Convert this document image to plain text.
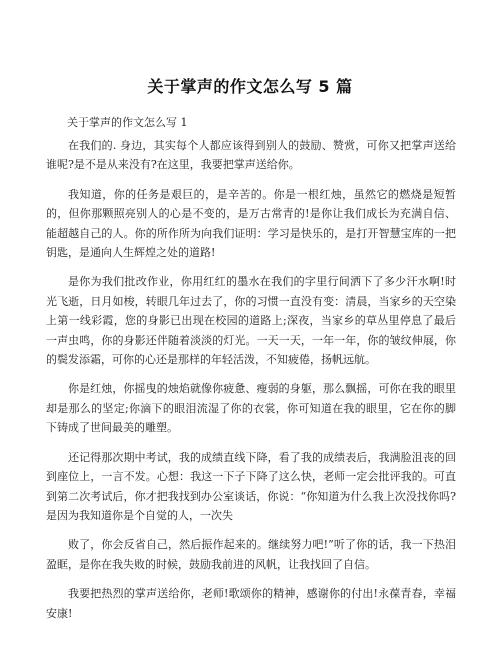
关于掌声的作文怎么写 5 篇
关于掌声的作文怎么写 1

在我们的. 身边，其实每个人都应该得到别人的鼓励、赞赏，可你又把掌声送给谁呢?是不是从来没有?在这里，我要把掌声送给你。

我知道，你的任务是艰巨的，是辛苦的。你是一根红烛，虽然它的燃烧是短暂的，但你那颗照亮别人的心是不变的，是万古常青的!是你让我们成长为充满自信、能超越自己的人。你的所作所为向我们证明：学习是快乐的，是打开智慧宝库的一把钥匙，是通向人生辉煌之处的道路!

是你为我们批改作业，你用红红的墨水在我们的字里行间洒下了多少汗水啊!时光飞逝，日月如梭，转眼几年过去了，你的习惯一直没有变：清晨，当家乡的天空染上第一线彩霞，您的身影已出现在校园的道路上;深夜，当家乡的草丛里停息了最后一声虫鸣，你的身影还伴随着淡淡的灯光。一天一天，一年一年，你的皱纹伸展，你的鬓发添霜，可你的心还是那样的年轻活泼，不知疲倦，扬帆远航。

你是红烛，你摇曳的烛焰就像你疲惫、瘦弱的身躯，那么飘摇，可你在我的眼里却是那么的坚定;你滴下的眼泪流湿了你的衣裳，你可知道在我的眼里，它在你的脚下铸成了世间最美的雕塑。

还记得那次期中考试，我的成绩直线下降，看了我的成绩表后，我满脸沮丧的回到座位上，一言不发。心想：我这一下子下降了这么快，老师一定会批评我的。可直到第二次考试后，你才把我找到办公室谈话，你说：“你知道为什么我上次没找你吗?是因为我知道你是个自觉的人，一次失

败了，你会反省自己，然后振作起来的。继续努力吧!”听了你的话，我一下热泪盈眶，是你在我失败的时候，鼓励我前进的风帆，让我找回了自信。

我要把热烈的掌声送给你，老师!歌颂你的精神，感谢你的付出!永葆青春，幸福安康!
